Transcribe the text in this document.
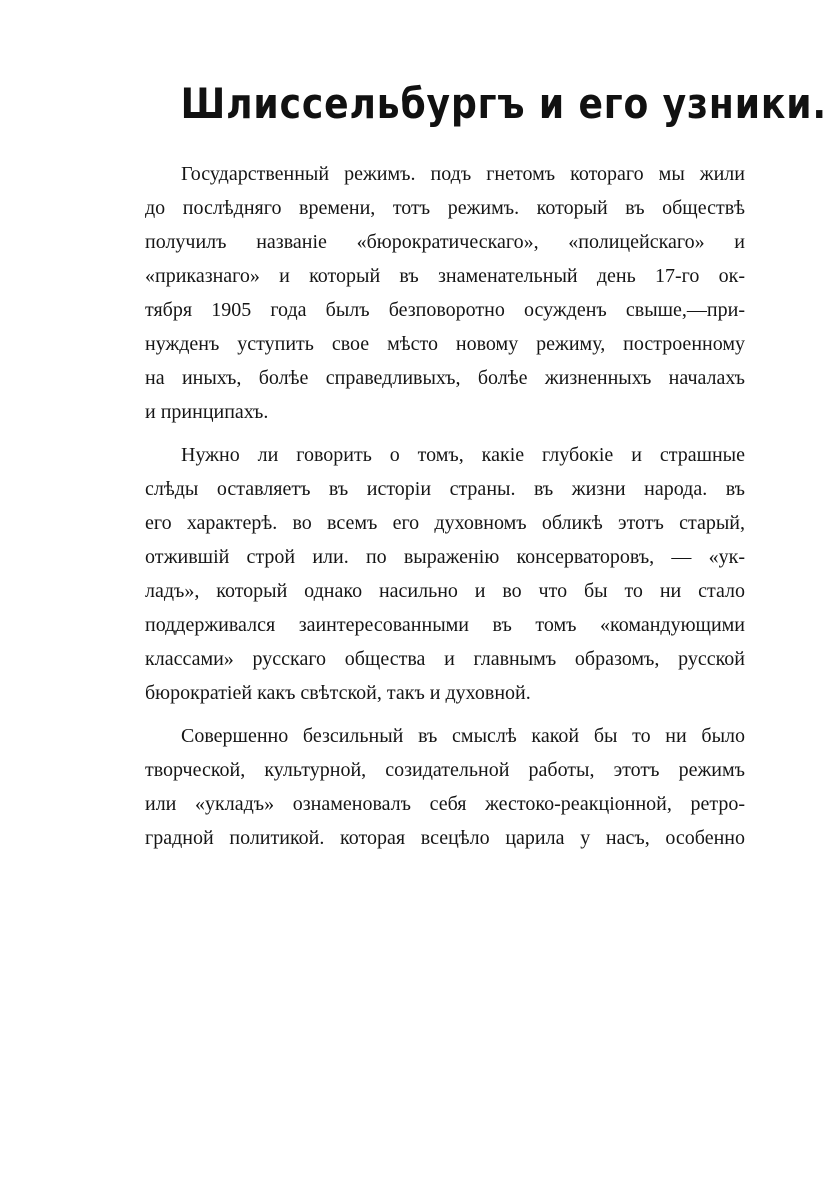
Шлиссельбургъ и его узники.
Государственный режимъ. подъ гнетомъ котораго мы жили
до послѣдняго времени, тотъ режимъ. который въ обществѣ
получилъ названіе «бюрократическаго», «полицейскаго» и
«приказнаго» и который въ знаменательный день 17-го ок-
тября 1905 года былъ безповоротно осужденъ свыше,—при-
нужденъ уступить свое мѣсто новому режиму, построенному
на иныхъ, болѣе справедливыхъ, болѣе жизненныхъ началахъ
и принципахъ.
Нужно ли говорить о томъ, какіе глубокіе и страшные
слѣды оставляетъ въ исторіи страны. въ жизни народа. въ
его характерѣ. во всемъ его духовномъ обликѣ этотъ старый,
отжившій строй или. по выраженію консерваторовъ, — «ук-
ладъ», который однако насильно и во что бы то ни стало
поддерживался заинтересованными въ томъ «командующими
классами» русскаго общества и главнымъ образомъ, русской
бюрократіей какъ свѣтской, такъ и духовной.
Совершенно безсильный въ смыслѣ какой бы то ни было
творческой, культурной, созидательной работы, этотъ режимъ
или «укладъ» ознаменовалъ себя жестоко-реакціонной, ретро-
градной политикой. которая всецѣло царила у насъ, особенно
